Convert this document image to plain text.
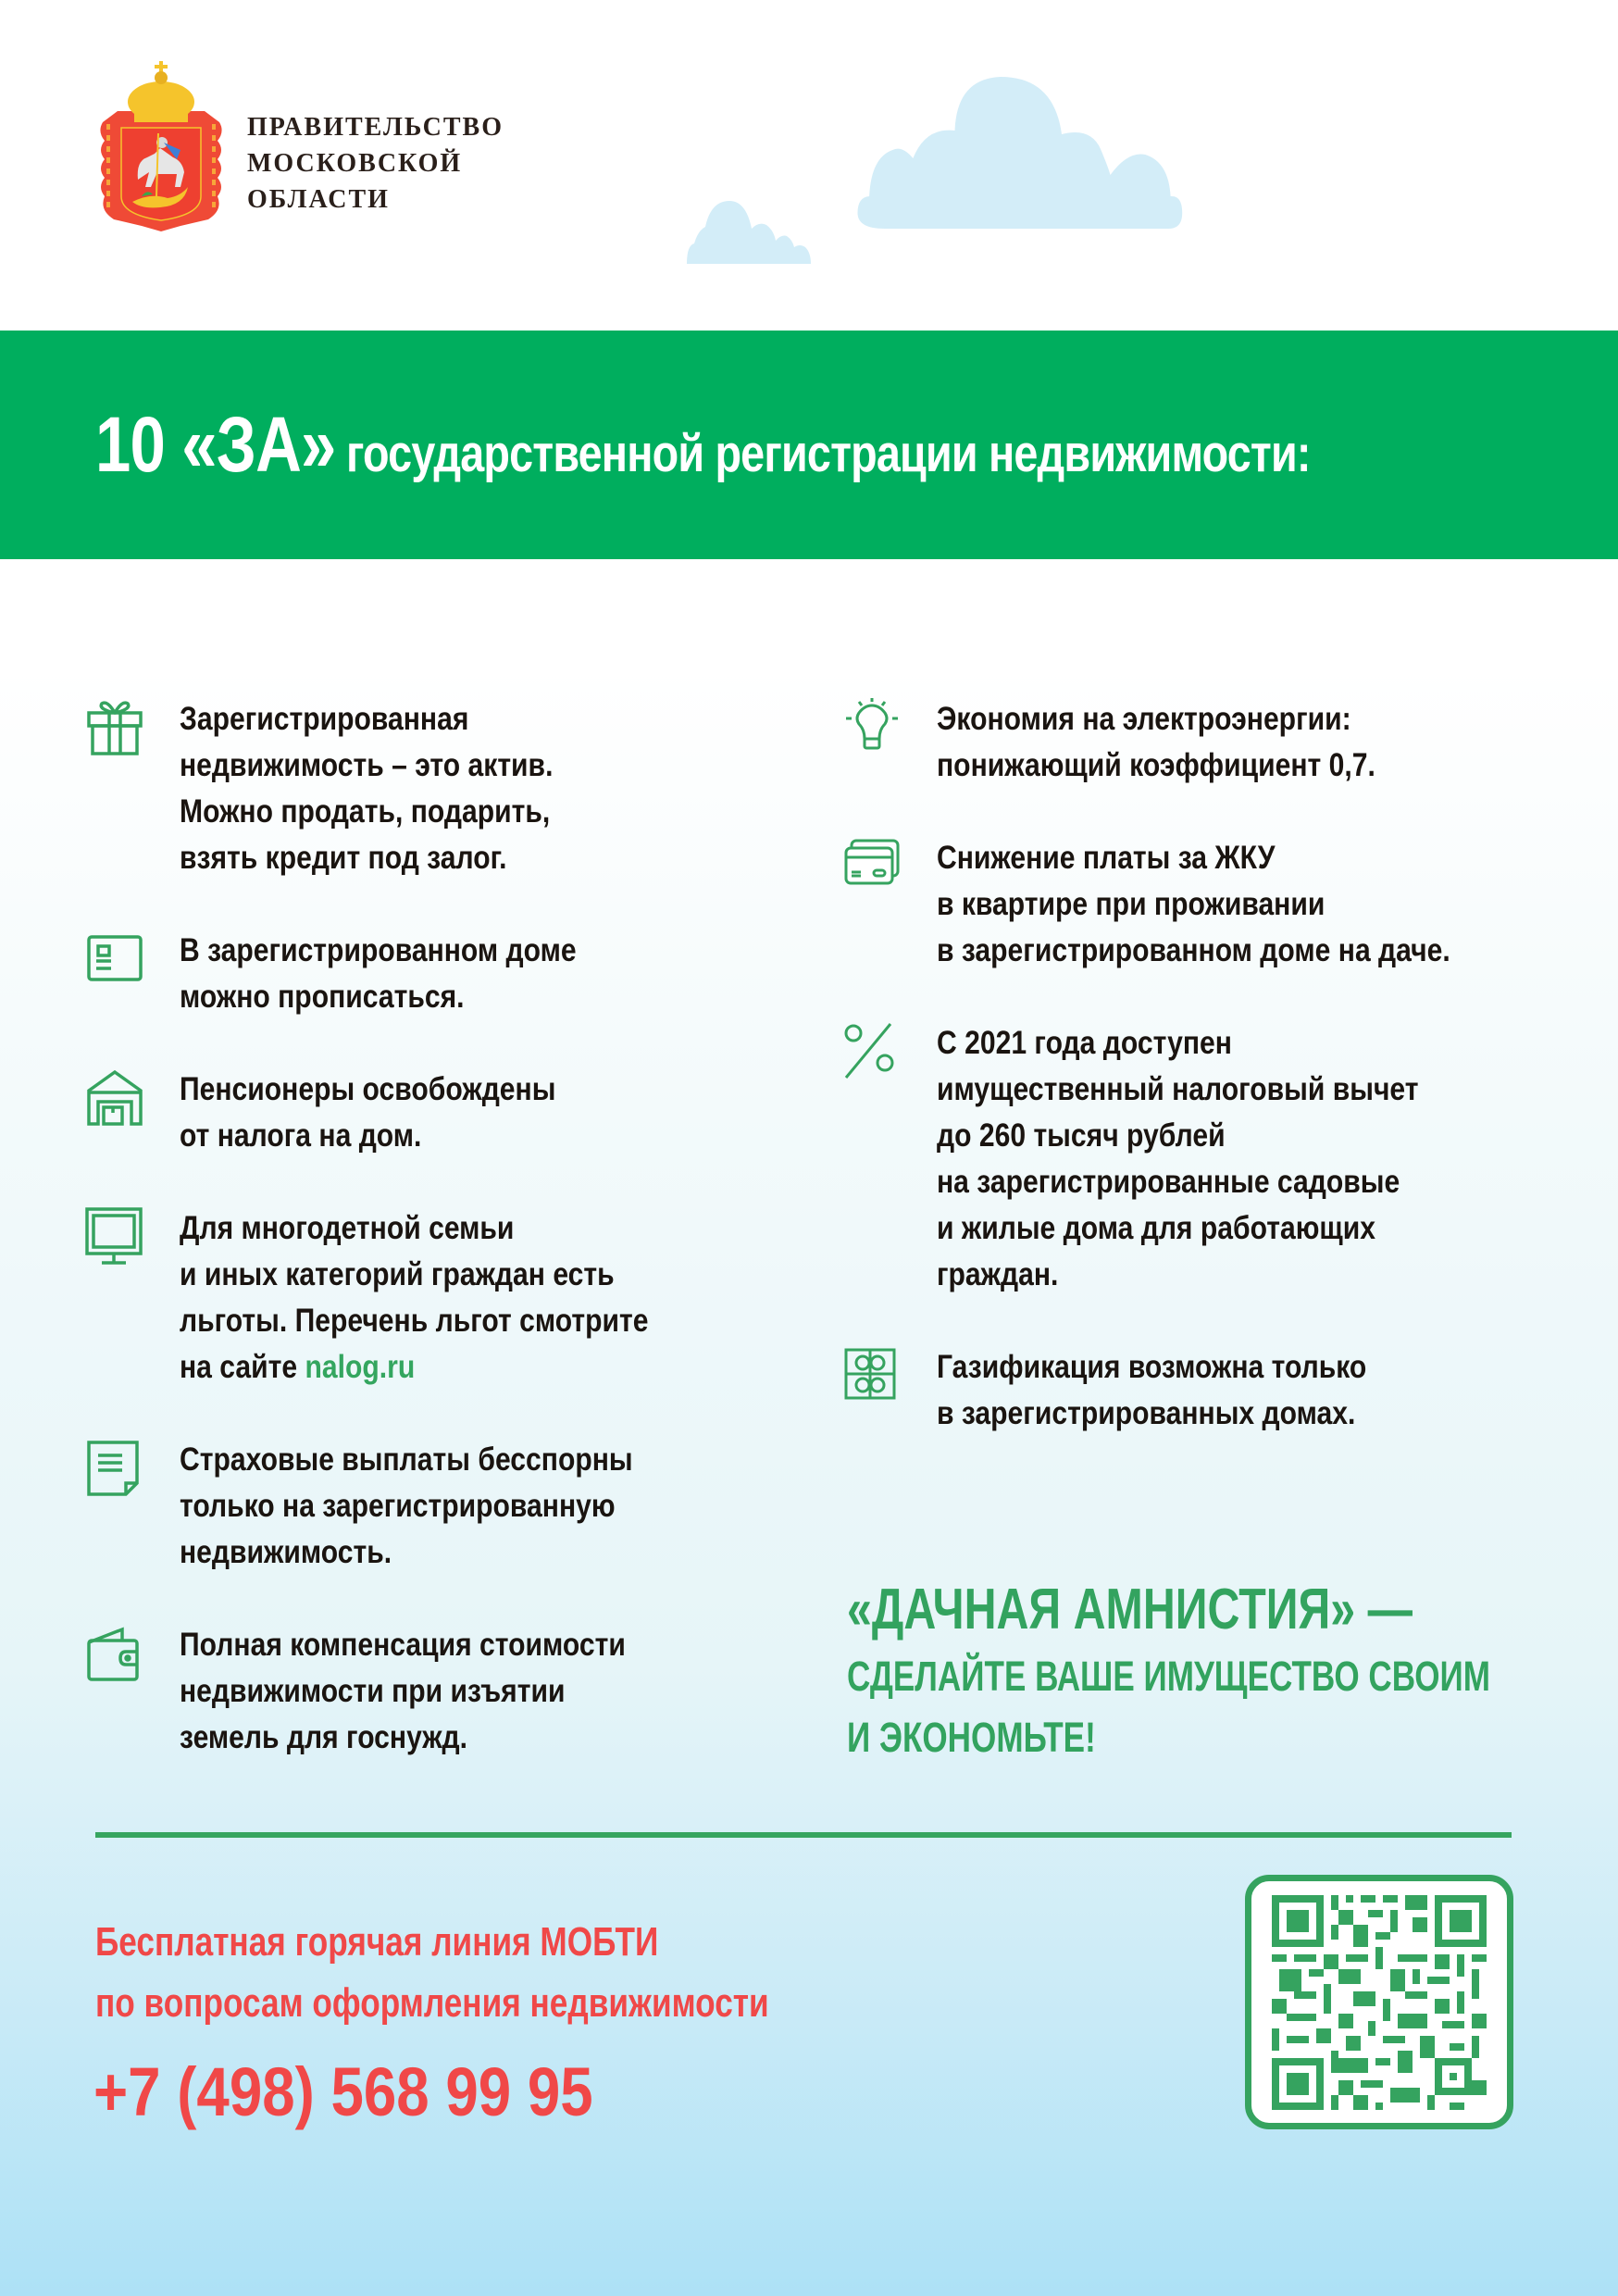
ПРАВИТЕЛЬСТВО
МОСКОВСКОЙ
ОБЛАСТИ
10 «ЗА» государственной регистрации недвижимости:
Зарегистрированная
недвижимость – это актив.
Можно продать, подарить,
взять кредит под залог.
В зарегистрированном доме
можно прописаться.
Пенсионеры освобождены
от налога на дом.
Для многодетной семьи
и иных категорий граждан есть
льготы. Перечень льгот смотрите
на сайте nalog.ru
Страховые выплаты бесспорны
только на зарегистрированную
недвижимость.
Полная компенсация стоимости
недвижимости при изъятии
земель для госнужд.
Экономия на электроэнергии:
понижающий коэффициент 0,7.
Снижение платы за ЖКУ
в квартире при проживании
в зарегистрированном доме на даче.
С 2021 года доступен
имущественный налоговый вычет
до 260 тысяч рублей
на зарегистрированные садовые
и жилые дома для работающих
граждан.
Газификация возможна только
в зарегистрированных домах.
«ДАЧНАЯ АМНИСТИЯ» —
СДЕЛАЙТЕ ВАШЕ ИМУЩЕСТВО СВОИМ
И ЭКОНОМЬТЕ!
Бесплатная горячая линия МОБТИ
по вопросам оформления недвижимости
+7 (498) 568 99 95
